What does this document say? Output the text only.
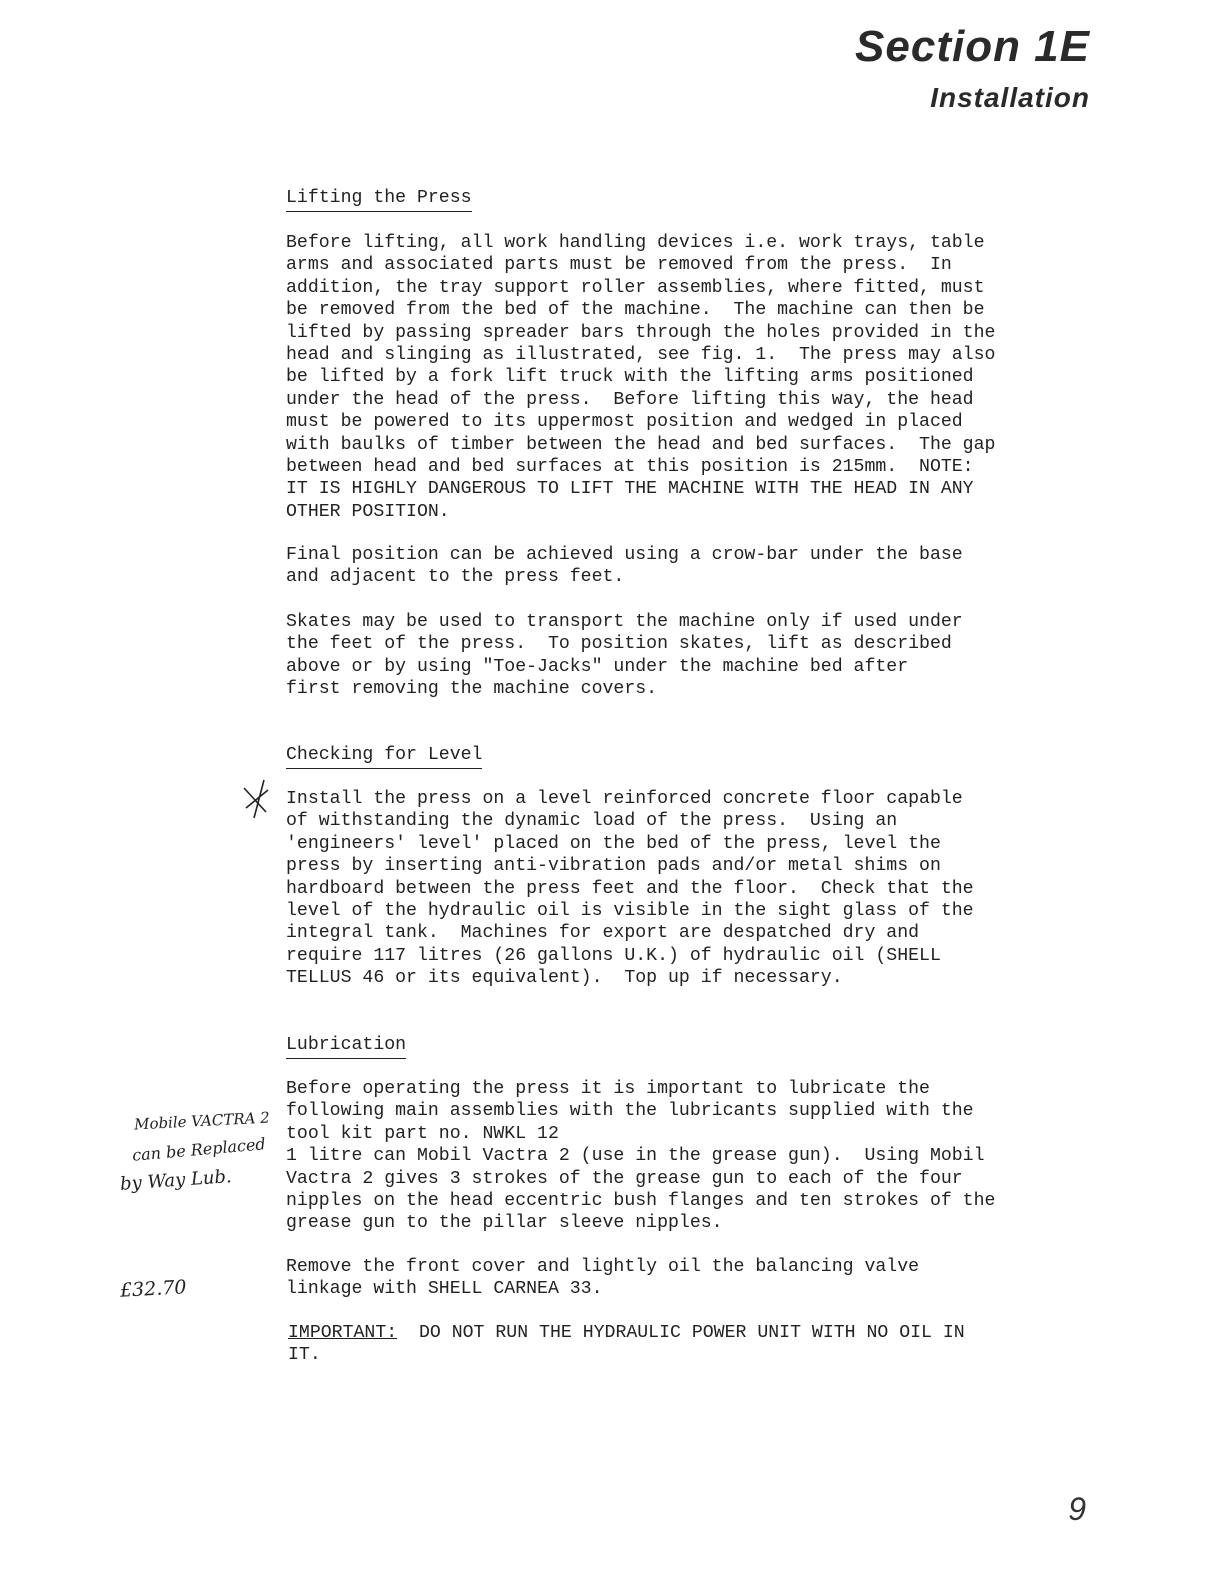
Section 1E
Installation
Lifting the Press
Before lifting, all work handling devices i.e. work trays, table
arms and associated parts must be removed from the press.  In
addition, the tray support roller assemblies, where fitted, must
be removed from the bed of the machine.  The machine can then be
lifted by passing spreader bars through the holes provided in the
head and slinging as illustrated, see fig. 1.  The press may also
be lifted by a fork lift truck with the lifting arms positioned
under the head of the press.  Before lifting this way, the head
must be powered to its uppermost position and wedged in placed
with baulks of timber between the head and bed surfaces.  The gap
between head and bed surfaces at this position is 215mm.  NOTE:
IT IS HIGHLY DANGEROUS TO LIFT THE MACHINE WITH THE HEAD IN ANY
OTHER POSITION.
Final position can be achieved using a crow-bar under the base
and adjacent to the press feet.
Skates may be used to transport the machine only if used under
the feet of the press.  To position skates, lift as described
above or by using "Toe-Jacks" under the machine bed after
first removing the machine covers.
Checking for Level
Install the press on a level reinforced concrete floor capable
of withstanding the dynamic load of the press.  Using an
'engineers' level' placed on the bed of the press, level the
press by inserting anti-vibration pads and/or metal shims on
hardboard between the press feet and the floor.  Check that the
level of the hydraulic oil is visible in the sight glass of the
integral tank.  Machines for export are despatched dry and
require 117 litres (26 gallons U.K.) of hydraulic oil (SHELL
TELLUS 46 or its equivalent).  Top up if necessary.
Lubrication
Before operating the press it is important to lubricate the
following main assemblies with the lubricants supplied with the
tool kit part no. NWKL 12
1 litre can Mobil Vactra 2 (use in the grease gun).  Using Mobil
Vactra 2 gives 3 strokes of the grease gun to each of the four
nipples on the head eccentric bush flanges and ten strokes of the
grease gun to the pillar sleeve nipples.
Remove the front cover and lightly oil the balancing valve
linkage with SHELL CARNEA 33.
IMPORTANT:  DO NOT RUN THE HYDRAULIC POWER UNIT WITH NO OIL IN
IT.
Mobile VACTRA 2
can be Replaced
by Way Lub.
£32.70
9
